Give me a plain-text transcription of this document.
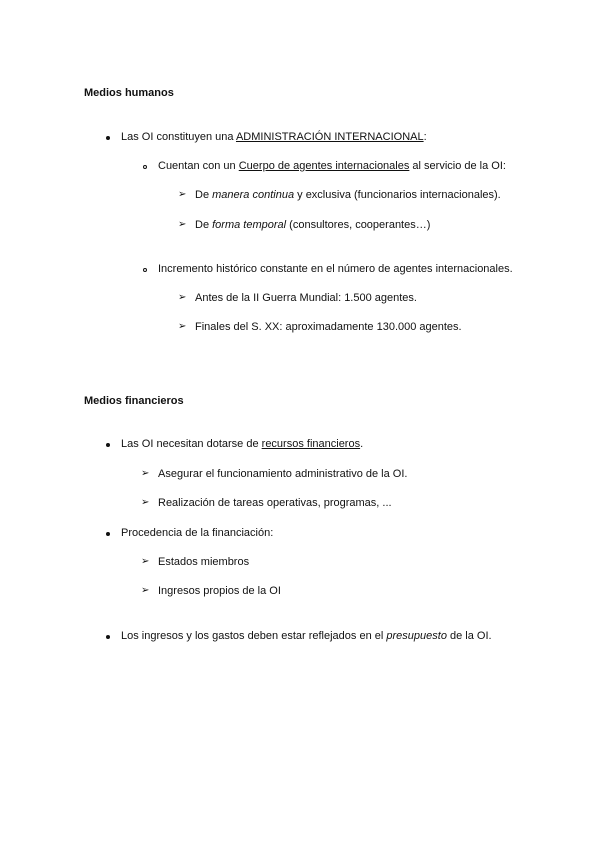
Medios humanos
Las OI constituyen una ADMINISTRACIÓN INTERNACIONAL:
Cuentan con un Cuerpo de agentes internacionales al servicio de la OI:
➢ De manera continua y exclusiva (funcionarios internacionales).
➢ De forma temporal (consultores, cooperantes…)
Incremento histórico constante en el número de agentes internacionales.
➢ Antes de la II Guerra Mundial: 1.500 agentes.
➢ Finales del S. XX: aproximadamente 130.000 agentes.
Medios financieros
Las OI necesitan dotarse de recursos financieros.
➢ Asegurar el funcionamiento administrativo de la OI.
➢ Realización de tareas operativas, programas, ...
Procedencia de la financiación:
➢ Estados miembros
➢ Ingresos propios de la OI
Los ingresos y los gastos deben estar reflejados en el presupuesto de la OI.
